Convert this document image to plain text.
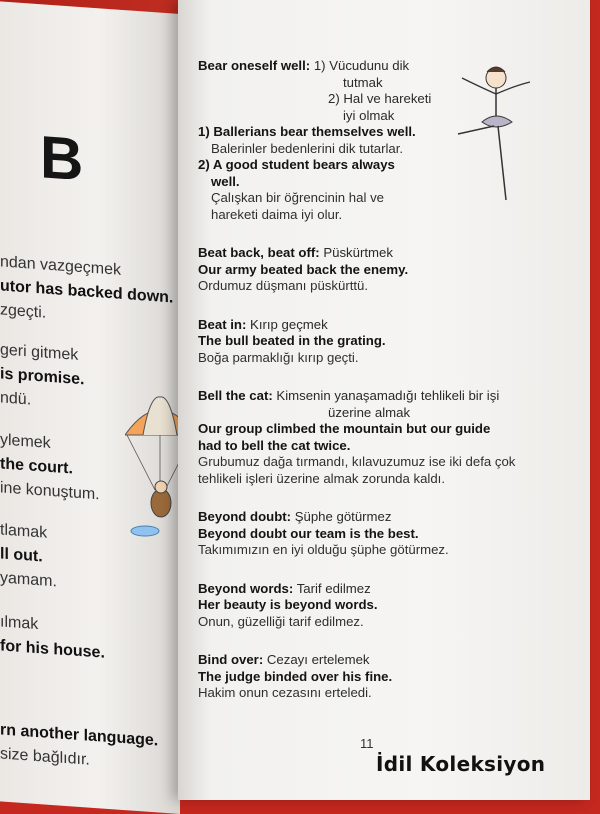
B
ndan vazgeçmek
utor has backed down.
zgeçti.
geri gitmek
is promise.
ndü.
ylemek
the court.
ine konuştum.
tlamak
ll out.
yamam.
ılmak
for his house.
rn another language.
size bağlıdır.
Bear oneself well: 1) Vücudunu dik
tutmak
2) Hal ve hareketi
iyi olmak
1) Ballerians bear themselves well.
Balerinler bedenlerini dik tutarlar.
2) A good student bears always
well.
Çalışkan bir öğrencinin hal ve
hareketi daima iyi olur.
Beat back, beat off: Püskürtmek
Our army beated back the enemy.
Ordumuz düşmanı püskürttü.
Beat in: Kırıp geçmek
The bull beated in the grating.
Boğa parmaklığı kırıp geçti.
Bell the cat: Kimsenin yanaşamadığı tehlikeli bir işi
üzerine almak
Our group climbed the mountain but our guide
had to bell the cat twice.
Grubumuz dağa tırmandı, kılavuzumuz ise iki defa çok
tehlikeli işleri üzerine almak zorunda kaldı.
Beyond doubt: Şüphe götürmez
Beyond doubt our team is the best.
Takımımızın en iyi olduğu şüphe götürmez.
Beyond words: Tarif edilmez
Her beauty is beyond words.
Onun, güzelliği tarif edilmez.
Bind over: Cezayı ertelemek
The judge binded over his fine.
Hakim onun cezasını erteledi.
11
İdil Koleksiyon
